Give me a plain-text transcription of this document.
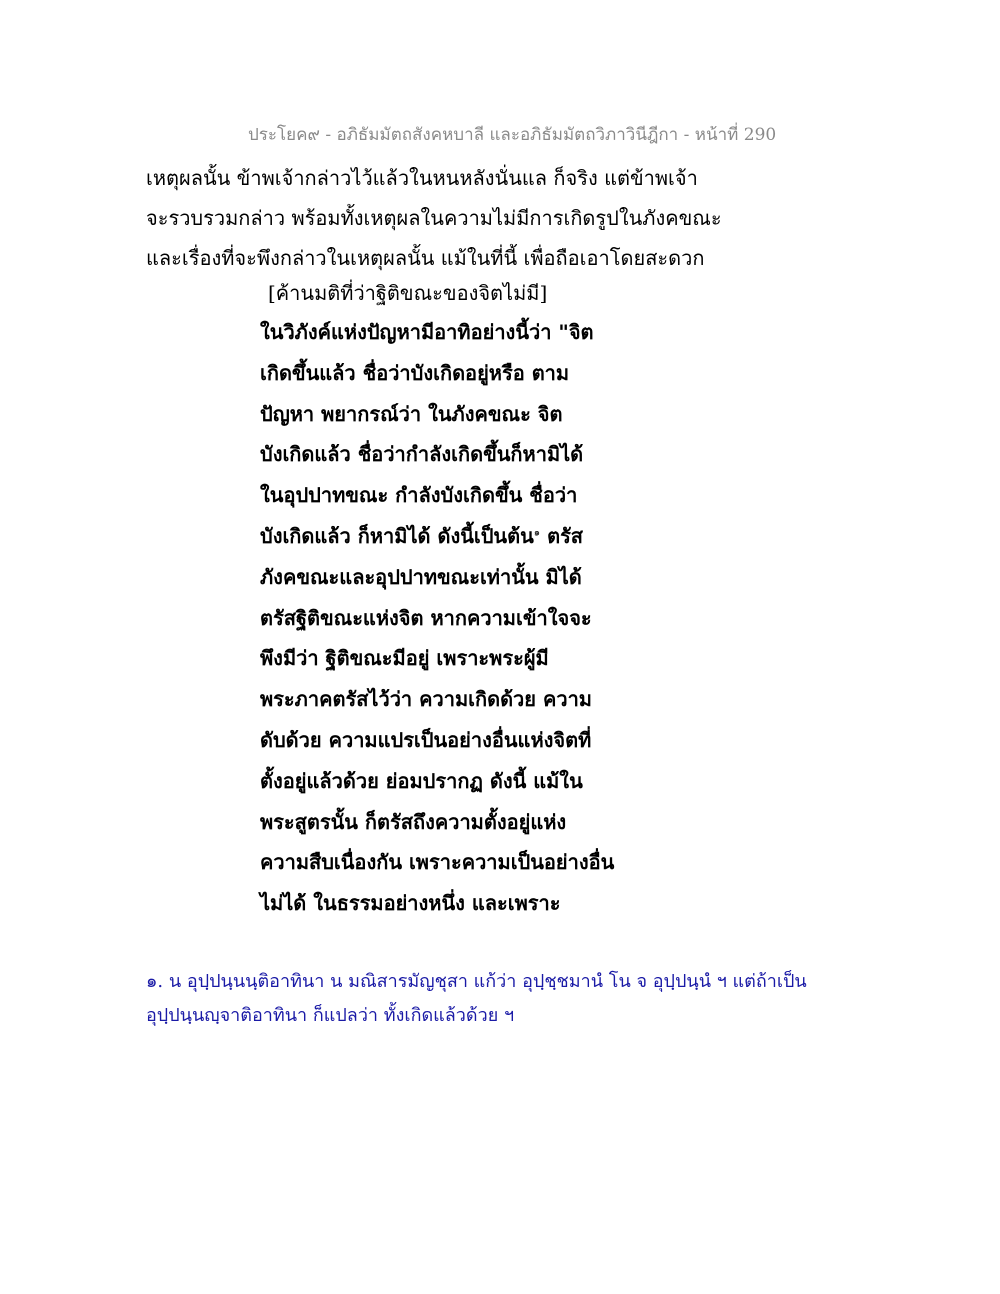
ประโยค๙ - อภิธัมมัตถสังคหบาลี และอภิธัมมัตถวิภาวินีฎีกา - หน้าที่ 290

เหตุผลนั้น ข้าพเจ้ากล่าวไว้แล้วในหนหลังนั่นแล ก็จริง แต่ข้าพเจ้า

จะรวบรวมกล่าว พร้อมทั้งเหตุผลในความไม่มีการเกิดรูปในภังคขณะ

และเรื่องที่จะพึงกล่าวในเหตุผลนั้น แม้ในที่นี้ เพื่อถือเอาโดยสะดวก

[ค้านมติที่ว่าฐิติขณะของจิตไม่มี]

ในวิภังค์แห่งปัญหามีอาทิอย่างนี้ว่า "จิต

เกิดขึ้นแล้ว ชื่อว่าบังเกิดอยู่หรือ ตาม

ปัญหา พยากรณ์ว่า ในภังคขณะ จิต

บังเกิดแล้ว ชื่อว่ากำลังเกิดขึ้นก็หามิได้

ในอุปปาทขณะ กำลังบังเกิดขึ้น ชื่อว่า

บังเกิดแล้ว ก็หามิได้ ดังนี้เป็นต้น$^๑$ ตรัส

ภังคขณะและอุปปาทขณะเท่านั้น มิได้

ตรัสฐิติขณะแห่งจิต หากความเข้าใจจะ

พึงมีว่า ฐิติขณะมีอยู่ เพราะพระผู้มี

พระภาคตรัสไว้ว่า ความเกิดด้วย ความ

ดับด้วย ความแปรเป็นอย่างอื่นแห่งจิตที่

ตั้งอยู่แล้วด้วย ย่อมปรากฏ ดังนี้ แม้ใน

พระสูตรนั้น ก็ตรัสถึงความตั้งอยู่แห่ง

ความสืบเนื่องกัน เพราะความเป็นอย่างอื่น

ไม่ได้ ในธรรมอย่างหนึ่ง และเพราะ

๑. น อุปฺปนฺนนฺติอาทินา น มณิสารมัญชุสา แก้ว่า อุปฺชฺชมานํ โน จ อุปฺปนฺนํ ฯ แต่ถ้าเป็น

อุปฺปนฺนญฺจาติอาทินา ก็แปลว่า ทั้งเกิดแล้วด้วย ฯ
